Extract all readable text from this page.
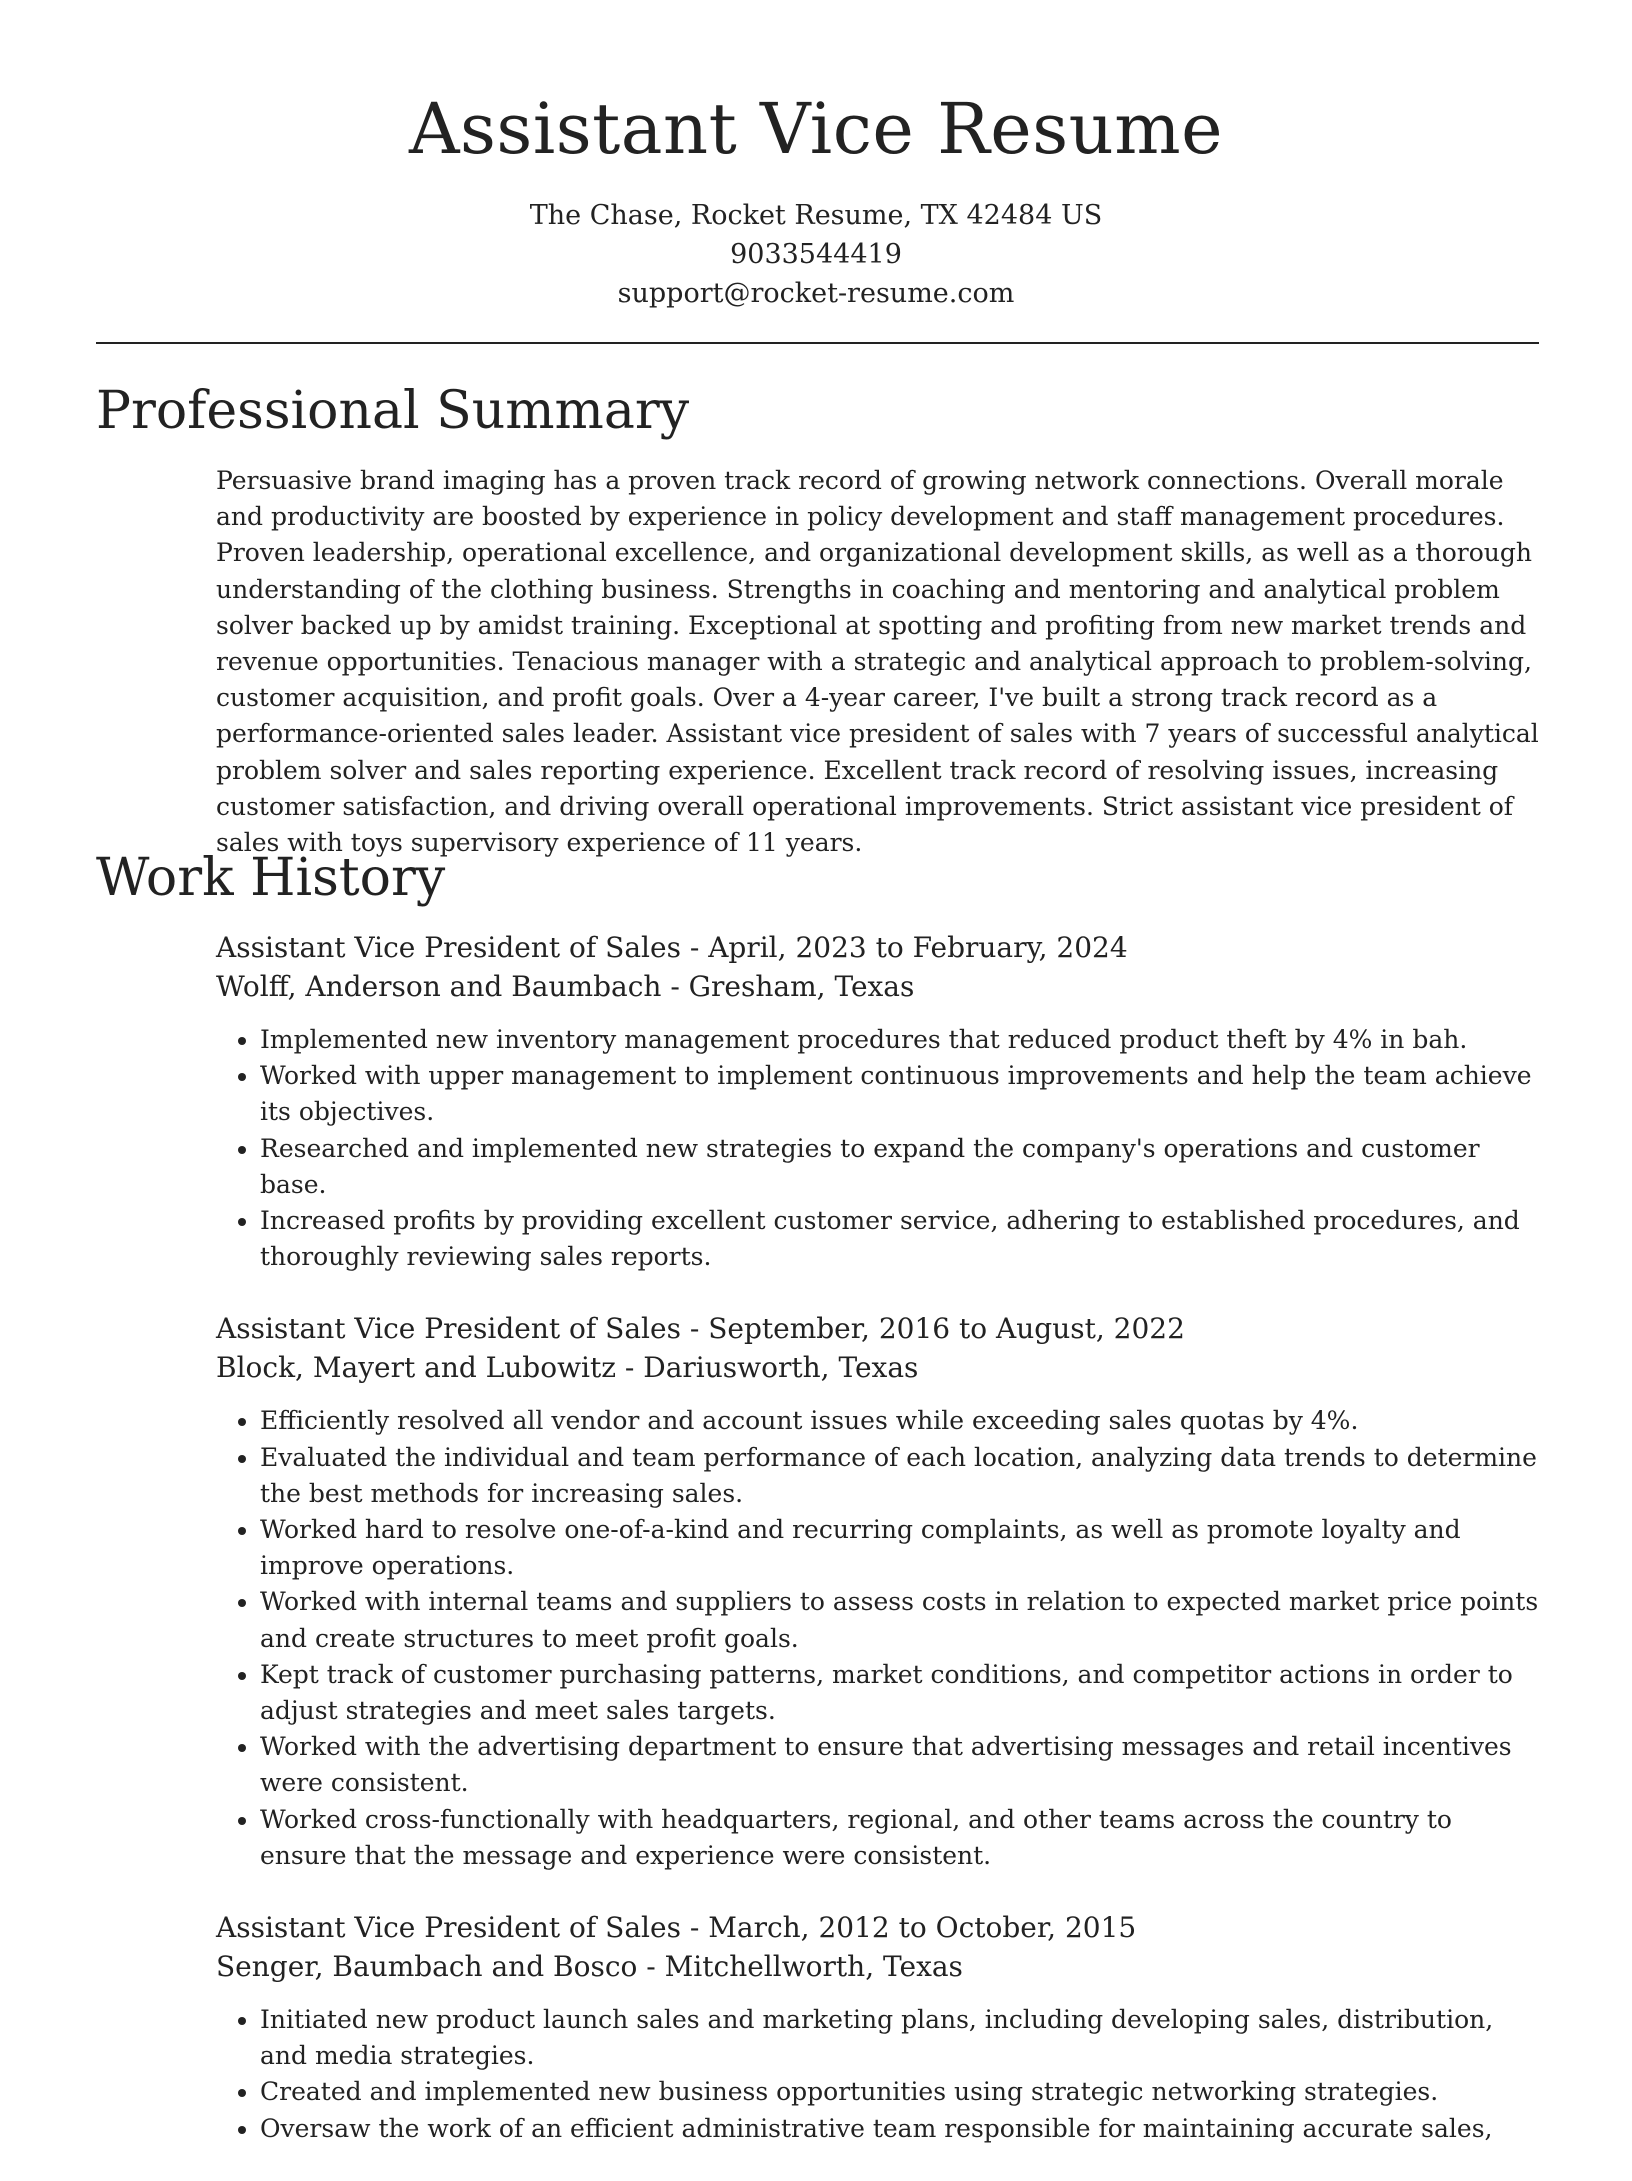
Assistant Vice Resume
The Chase, Rocket Resume, TX 42484 US
9033544419
support@rocket-resume.com
Professional Summary

Persuasive brand imaging has a proven track record of growing network connections. Overall morale and productivity are boosted by experience in policy development and staff management procedures. Proven leadership, operational excellence, and organizational development skills, as well as a thorough understanding of the clothing business. Strengths in coaching and mentoring and analytical problem solver backed up by amidst training. Exceptional at spotting and profiting from new market trends and revenue opportunities. Tenacious manager with a strategic and analytical approach to problem-solving, customer acquisition, and profit goals. Over a 4-year career, I've built a strong track record as a performance-oriented sales leader. Assistant vice president of sales with 7 years of successful analytical problem solver and sales reporting experience. Excellent track record of resolving issues, increasing customer satisfaction, and driving overall operational improvements. Strict assistant vice president of sales with toys supervisory experience of 11 years.

Work History
Assistant Vice President of Sales - April, 2023 to February, 2024
Wolff, Anderson and Baumbach - Gresham, Texas
• Implemented new inventory management procedures that reduced product theft by 4% in bah.
• Worked with upper management to implement continuous improvements and help the team achieve its objectives.
• Researched and implemented new strategies to expand the company's operations and customer base.
• Increased profits by providing excellent customer service, adhering to established procedures, and thoroughly reviewing sales reports.
Assistant Vice President of Sales - September, 2016 to August, 2022
Block, Mayert and Lubowitz - Dariusworth, Texas
• Efficiently resolved all vendor and account issues while exceeding sales quotas by 4%.
• Evaluated the individual and team performance of each location, analyzing data trends to determine the best methods for increasing sales.
• Worked hard to resolve one-of-a-kind and recurring complaints, as well as promote loyalty and improve operations.
• Worked with internal teams and suppliers to assess costs in relation to expected market price points and create structures to meet profit goals.
• Kept track of customer purchasing patterns, market conditions, and competitor actions in order to adjust strategies and meet sales targets.
• Worked with the advertising department to ensure that advertising messages and retail incentives were consistent.
• Worked cross-functionally with headquarters, regional, and other teams across the country to ensure that the message and experience were consistent.
Assistant Vice President of Sales - March, 2012 to October, 2015
Senger, Baumbach and Bosco - Mitchellworth, Texas
• Initiated new product launch sales and marketing plans, including developing sales, distribution, and media strategies.
• Created and implemented new business opportunities using strategic networking strategies.
• Oversaw the work of an efficient administrative team responsible for maintaining accurate sales,
